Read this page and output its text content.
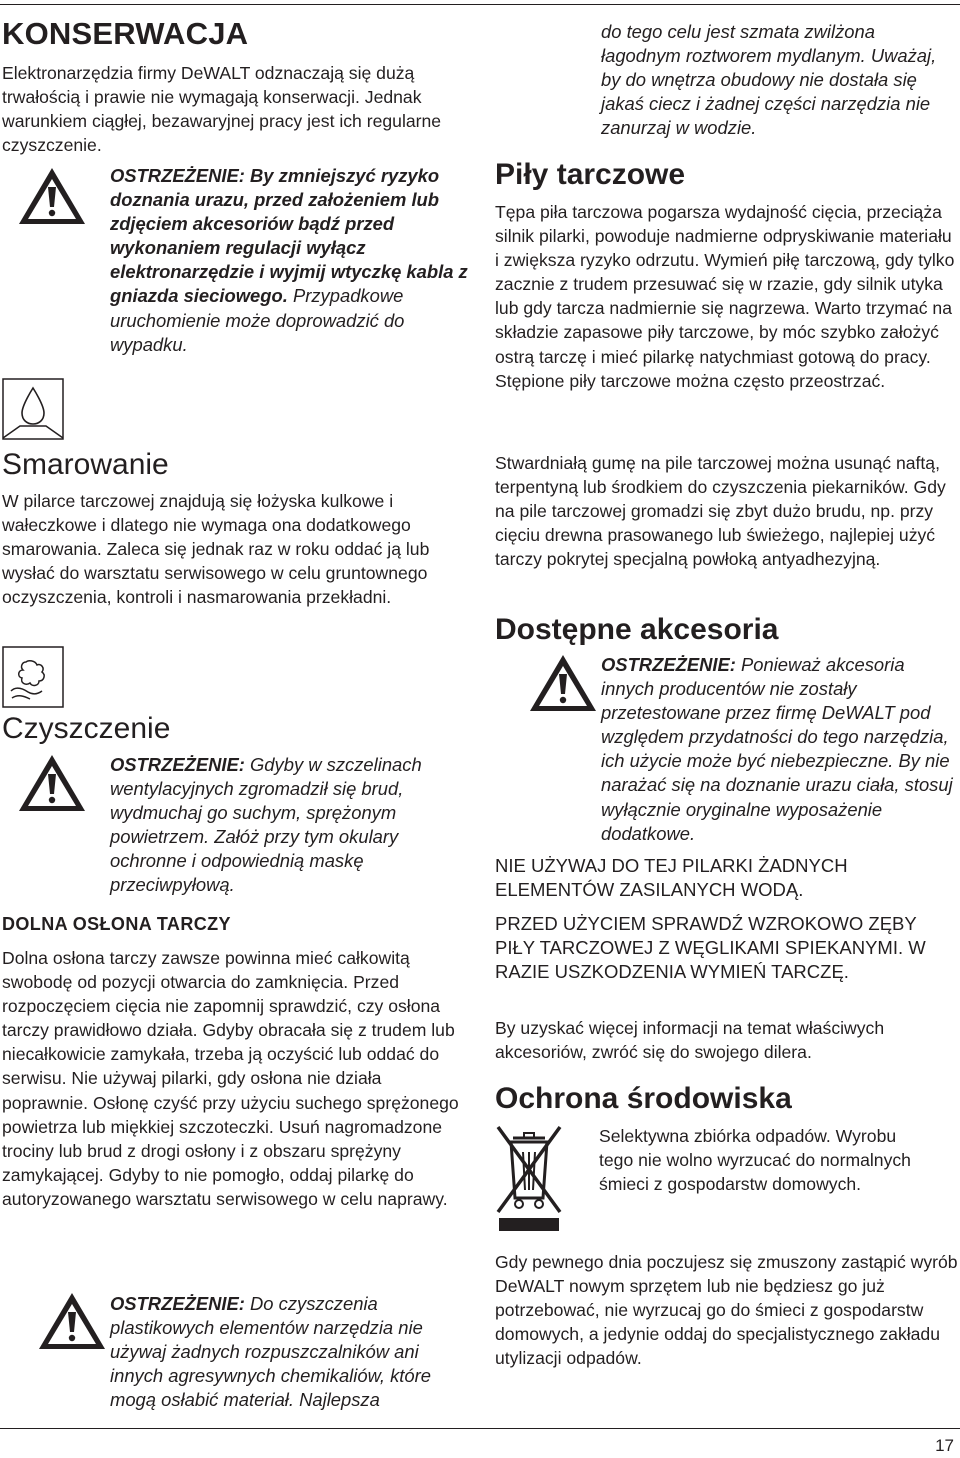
KONSERWACJA
Elektronarzędzia firmy DeWALT odznaczają się dużą trwałością i prawie nie wymagają konserwacji. Jednak warunkiem ciągłej, bezawaryjnej pracy jest ich regularne czyszczenie.
OSTRZEŻENIE: By zmniejszyć ryzyko doznania urazu, przed założeniem lub zdjęciem akcesoriów bądź przed wykonaniem regulacji wyłącz elektronarzędzie i wyjmij wtyczkę kabla z gniazda sieciowego. Przypadkowe uruchomienie może doprowadzić do wypadku.
Smarowanie
W pilarce tarczowej znajdują się łożyska kulkowe i wałeczkowe i dlatego nie wymaga ona dodatkowego smarowania. Zaleca się jednak raz w roku oddać ją lub wysłać do warsztatu serwisowego w celu gruntownego oczyszczenia, kontroli i nasmarowania przekładni.
Czyszczenie
OSTRZEŻENIE: Gdyby w szczelinach wentylacyjnych zgromadził się brud, wydmuchaj go suchym, sprężonym powietrzem. Załóż przy tym okulary ochronne i odpowiednią maskę przeciwpyłową.
DOLNA OSŁONA TARCZY
Dolna osłona tarczy zawsze powinna mieć całkowitą swobodę od pozycji otwarcia do zamknięcia. Przed rozpoczęciem cięcia nie zapomnij sprawdzić, czy osłona tarczy prawidłowo działa. Gdyby obracała się z trudem lub niecałkowicie zamykała, trzeba ją oczyścić lub oddać do serwisu. Nie używaj pilarki, gdy osłona nie działa poprawnie. Osłonę czyść przy użyciu suchego sprężonego powietrza lub miękkiej szczoteczki. Usuń nagromadzone trociny lub brud z drogi osłony i z obszaru sprężyny zamykającej. Gdyby to nie pomogło, oddaj pilarkę do autoryzowanego warsztatu serwisowego w celu naprawy.
OSTRZEŻENIE: Do czyszczenia plastikowych elementów narzędzia nie używaj żadnych rozpuszczalników ani innych agresywnych chemikaliów, które mogą osłabić materiał. Najlepsza
do tego celu jest szmata zwilżona łagodnym roztworem mydlanym. Uważaj, by do wnętrza obudowy nie dostała się jakaś ciecz i żadnej części narzędzia nie zanurzaj w wodzie.
Piły tarczowe
Tępa piła tarczowa pogarsza wydajność cięcia, przeciąża silnik pilarki, powoduje nadmierne odpryskiwanie materiału i zwiększa ryzyko odrzutu. Wymień piłę tarczową, gdy tylko zacznie z trudem przesuwać się w rzazie, gdy silnik utyka lub gdy tarcza nadmiernie się nagrzewa. Warto trzymać na składzie zapasowe piły tarczowe, by móc szybko założyć ostrą tarczę i mieć pilarkę natychmiast gotową do pracy. Stępione piły tarczowe można często przeostrzać.
Stwardniałą gumę na pile tarczowej można usunąć naftą, terpentyną lub środkiem do czyszczenia piekarników. Gdy na pile tarczowej gromadzi się zbyt dużo brudu, np. przy cięciu drewna prasowanego lub świeżego, najlepiej użyć tarczy pokrytej specjalną powłoką antyadhezyjną.
Dostępne akcesoria
OSTRZEŻENIE: Ponieważ akcesoria innych producentów nie zostały przetestowane przez firmę DeWALT pod względem przydatności do tego narzędzia, ich użycie może być niebezpieczne. By nie narażać się na doznanie urazu ciała, stosuj wyłącznie oryginalne wyposażenie dodatkowe.
NIE UŻYWAJ DO TEJ PILARKI ŻADNYCH ELEMENTÓW ZASILANYCH WODĄ.
PRZED UŻYCIEM SPRAWDŹ WZROKOWO ZĘBY PIŁY TARCZOWEJ Z WĘGLIKAMI SPIEKANYMI. W RAZIE USZKODZENIA WYMIEŃ TARCZĘ.
By uzyskać więcej informacji na temat właściwych akcesoriów, zwróć się do swojego dilera.
Ochrona środowiska
Selektywna zbiórka odpadów. Wyrobu tego nie wolno wyrzucać do normalnych śmieci z gospodarstw domowych.
Gdy pewnego dnia poczujesz się zmuszony zastąpić wyrób DeWALT nowym sprzętem lub nie będziesz go już potrzebować, nie wyrzucaj go do śmieci z gospodarstw domowych, a jedynie oddaj do specjalistycznego zakładu utylizacji odpadów.
17
